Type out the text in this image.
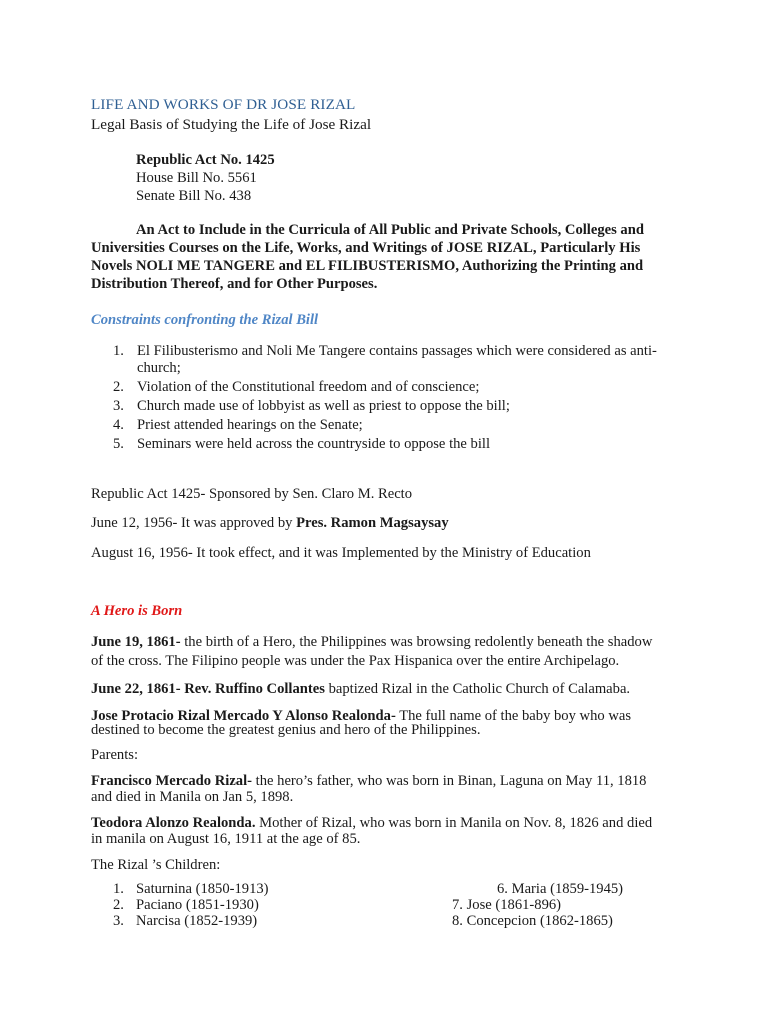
LIFE AND WORKS OF DR JOSE RIZAL
Legal Basis of Studying the Life of Jose Rizal
Republic Act No. 1425
House Bill No. 5561
Senate Bill No. 438
An Act to Include in the Curricula of All Public and Private Schools, Colleges and
Universities Courses on the Life, Works, and Writings of JOSE RIZAL, Particularly His
Novels NOLI ME TANGERE and EL FILIBUSTERISMO, Authorizing the Printing and
Distribution Thereof, and for Other Purposes.
Constraints confronting the Rizal Bill
1. El Filibusterismo and Noli Me Tangere contains passages which were considered as anti-
church;
2. Violation of the Constitutional freedom and of conscience;
3. Church made use of lobbyist as well as priest to oppose the bill;
4. Priest attended hearings on the Senate;
5. Seminars were held across the countryside to oppose the bill
Republic Act 1425- Sponsored by Sen. Claro M. Recto
June 12, 1956- It was approved by Pres. Ramon Magsaysay
August 16, 1956- It took effect, and it was Implemented by the Ministry of Education
A Hero is Born
June 19, 1861- the birth of a Hero, the Philippines was browsing redolently beneath the shadow
of the cross. The Filipino people was under the Pax Hispanica over the entire Archipelago.
June 22, 1861- Rev. Ruffino Collantes baptized Rizal in the Catholic Church of Calamaba.
Jose Protacio Rizal Mercado Y Alonso Realonda- The full name of the baby boy who was
destined to become the greatest genius and hero of the Philippines.
Parents:
Francisco Mercado Rizal- the hero’s father, who was born in Binan, Laguna on May 11, 1818
and died in Manila on Jan 5, 1898.
Teodora Alonzo Realonda. Mother of Rizal, who was born in Manila on Nov. 8, 1826 and died
in manila on August 16, 1911 at the age of 85.
The Rizal ’s Children:
1. Saturnina (1850-1913)
2. Paciano (1851-1930)
3. Narcisa (1852-1939)
6. Maria (1859-1945)
7. Jose (1861-896)
8. Concepcion (1862-1865)
